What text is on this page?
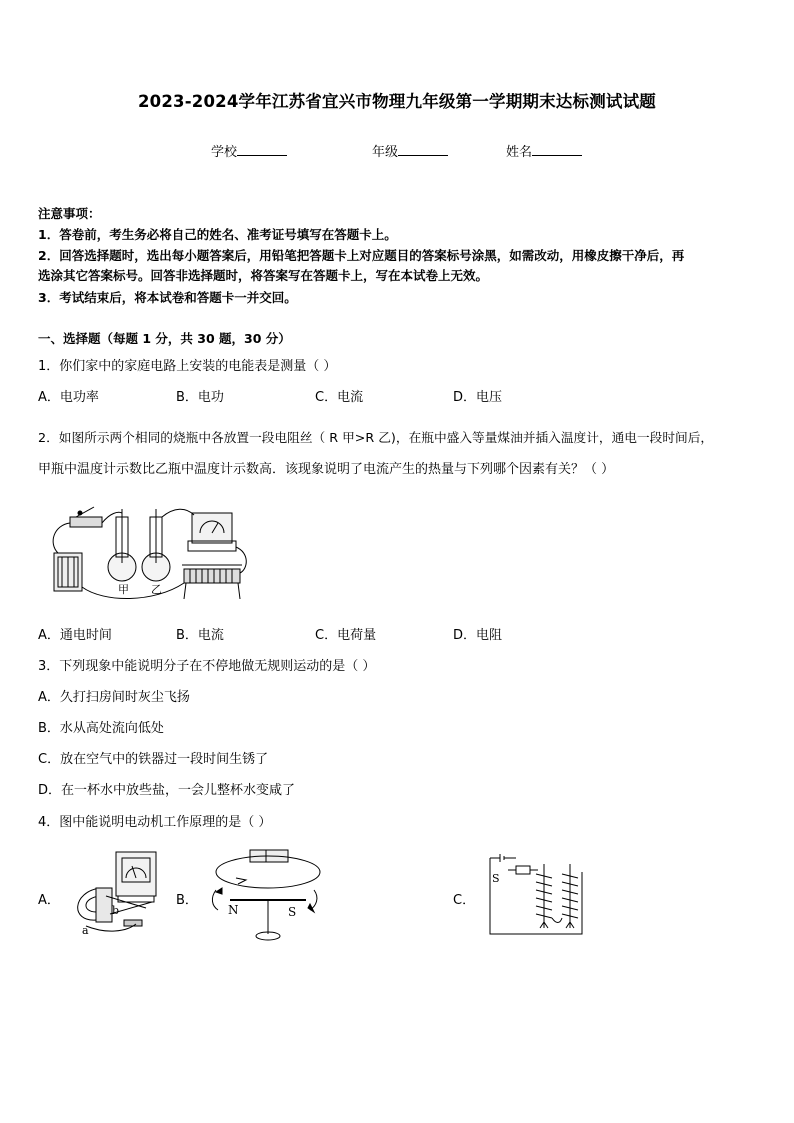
2023-2024学年江苏省宜兴市物理九年级第一学期期末达标测试试题
学校	年级	姓名
注意事项：
1．答卷前，考生务必将自己的姓名、准考证号填写在答题卡上。
2．回答选择题时，选出每小题答案后，用铅笔把答题卡上对应题目的答案标号涂黑，如需改动，用橡皮擦干净后，再
选涂其它答案标号。回答非选择题时，将答案写在答题卡上，写在本试卷上无效。
3．考试结束后，将本试卷和答题卡一并交回。
一、选择题（每题 1 分，共 30 题，30 分）
1．你们家中的家庭电路上安装的电能表是测量（ ）
A．电功率	B．电功	C．电流	D．电压
2．如图所示两个相同的烧瓶中各放置一段电阻丝（ R 甲>R 乙)，在瓶中盛入等量煤油并插入温度计，通电一段时间后，
甲瓶中温度计示数比乙瓶中温度计示数高．该现象说明了电流产生的热量与下列哪个因素有关？（ ）
甲 乙
A．通电时间	B．电流	C．电荷量	D．电阻
3．下列现象中能说明分子在不停地做无规则运动的是（ ）
A．久打扫房间时灰尘飞扬
B．水从高处流向低处
C．放在空气中的铁器过一段时间生锈了
D．在一杯水中放些盐，一会儿整杯水变咸了
4．图中能说明电动机工作原理的是（ ）
A．
a
b
B．
N	S
C．
S
